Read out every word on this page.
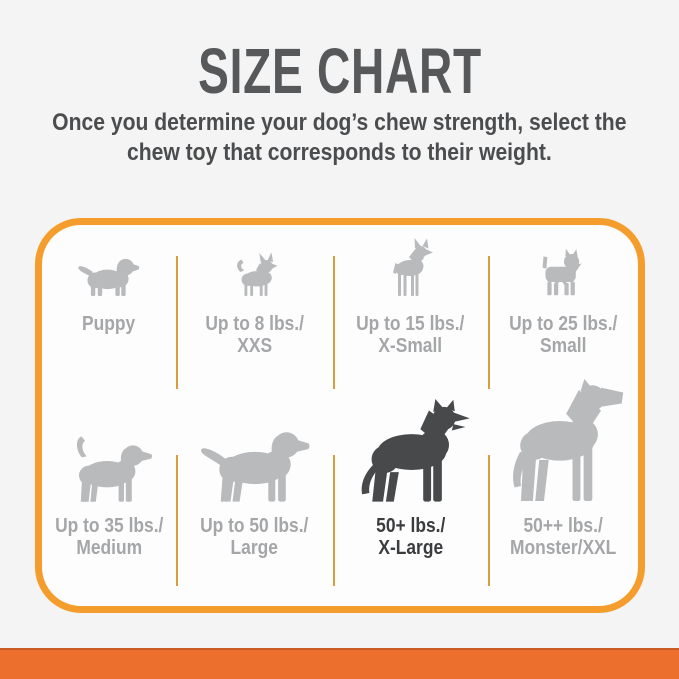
SIZE CHART
Once you determine your dog’s chew strength, select the
chew toy that corresponds to their weight.
Puppy	Up to 8 lbs./
XXS
Up to 15 lbs./
X-Small
Up to 25 lbs./
Small
Up to 35 lbs./
Medium
Up to 50 lbs./
Large
50+ lbs./
X-Large
50++ lbs./
Monster/XXL
